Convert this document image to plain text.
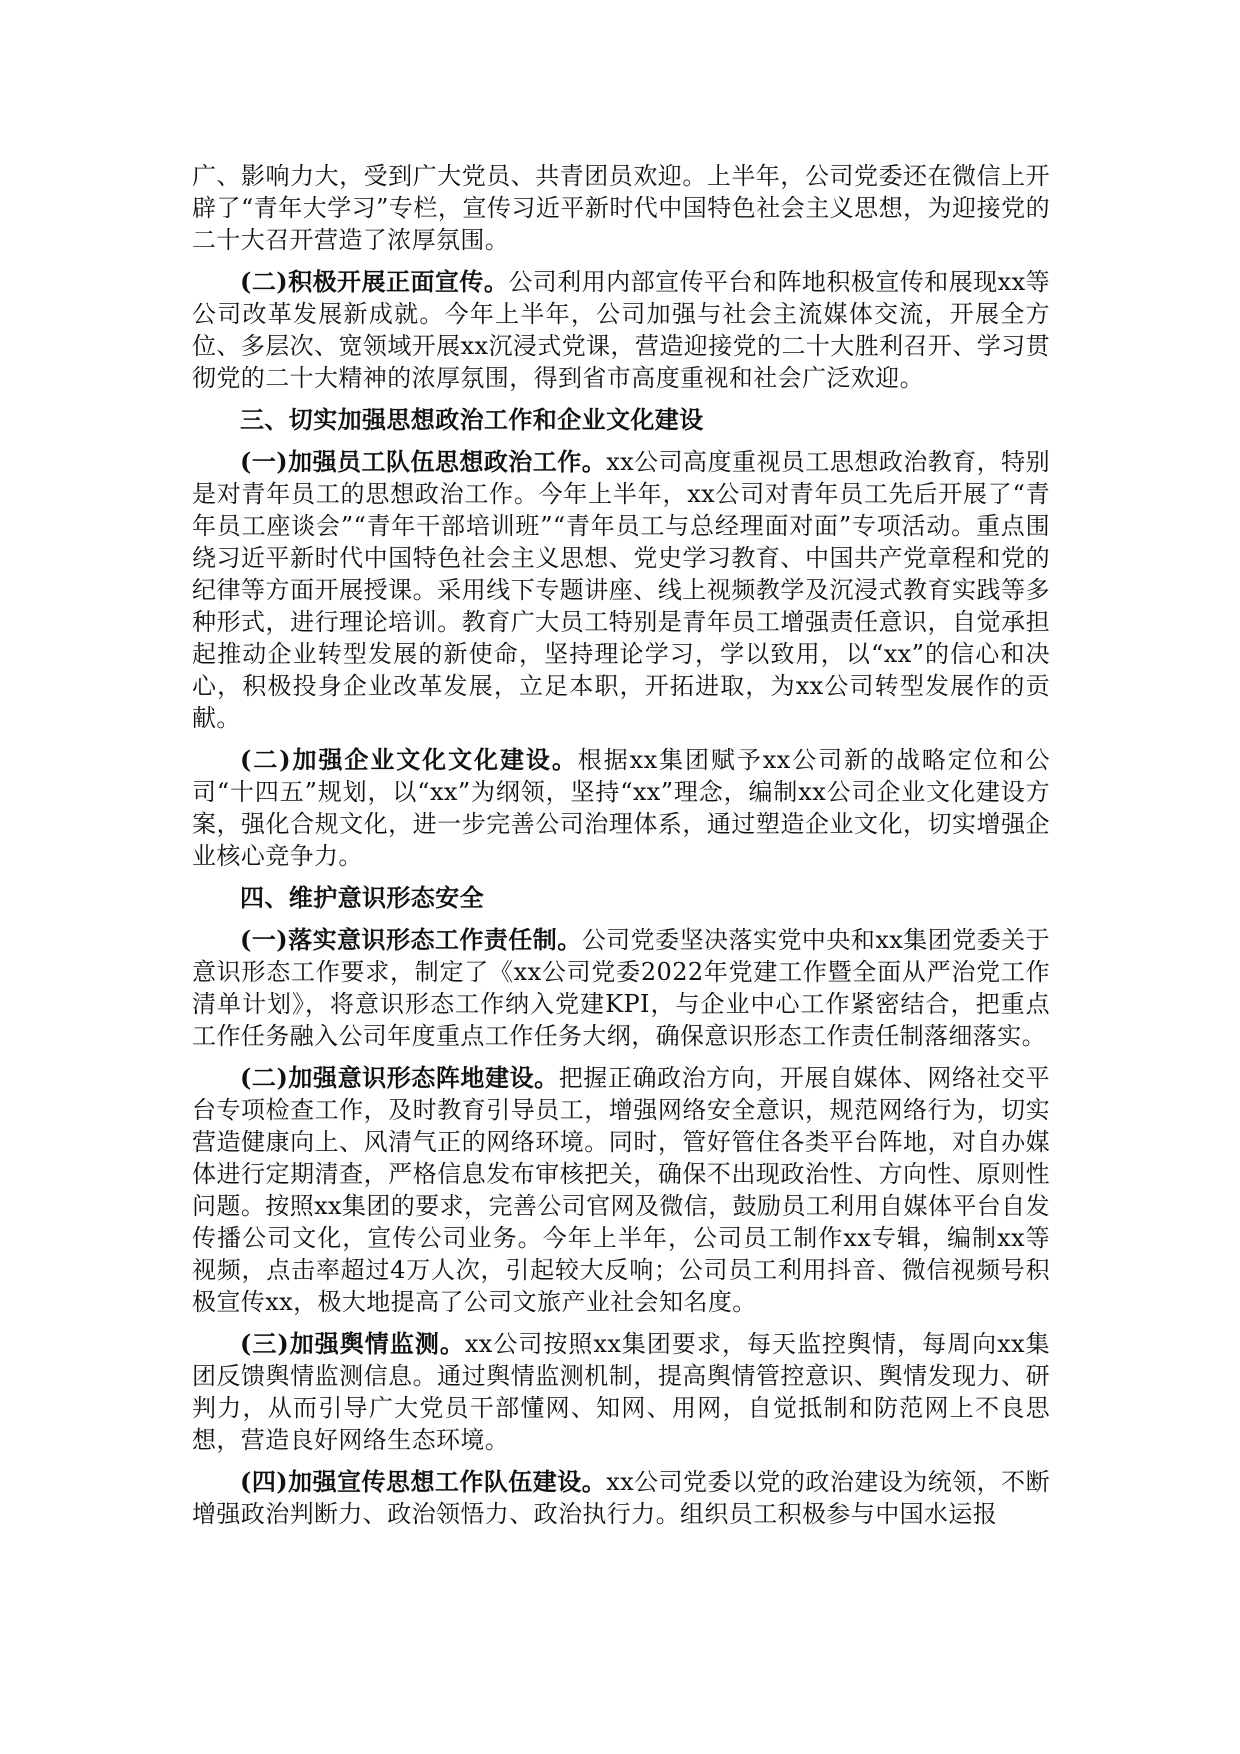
广、影响力大，受到广大党员、共青团员欢迎。上半年，公司党委还在微信上开辟了“青年大学习”专栏，宣传习近平新时代中国特色社会主义思想，为迎接党的二十大召开营造了浓厚氛围。

(二)积极开展正面宣传。公司利用内部宣传平台和阵地积极宣传和展现xx等公司改革发展新成就。今年上半年，公司加强与社会主流媒体交流，开展全方位、多层次、宽领域开展xx沉浸式党课，营造迎接党的二十大胜利召开、学习贯彻党的二十大精神的浓厚氛围，得到省市高度重视和社会广泛欢迎。

三、切实加强思想政治工作和企业文化建设

(一)加强员工队伍思想政治工作。xx公司高度重视员工思想政治教育，特别是对青年员工的思想政治工作。今年上半年，xx公司对青年员工先后开展了“青年员工座谈会”“青年干部培训班”“青年员工与总经理面对面”专项活动。重点围绕习近平新时代中国特色社会主义思想、党史学习教育、中国共产党章程和党的纪律等方面开展授课。采用线下专题讲座、线上视频教学及沉浸式教育实践等多种形式，进行理论培训。教育广大员工特别是青年员工增强责任意识，自觉承担起推动企业转型发展的新使命，坚持理论学习，学以致用，以“xx”的信心和决心，积极投身企业改革发展，立足本职，开拓进取，为xx公司转型发展作的贡献。

(二)加强企业文化文化建设。根据xx集团赋予xx公司新的战略定位和公司“十四五”规划，以“xx”为纲领，坚持“xx”理念，编制xx公司企业文化建设方案，强化合规文化，进一步完善公司治理体系，通过塑造企业文化，切实增强企业核心竞争力。

四、维护意识形态安全

(一)落实意识形态工作责任制。公司党委坚决落实党中央和xx集团党委关于意识形态工作要求，制定了《xx公司党委2022年党建工作暨全面从严治党工作清单计划》，将意识形态工作纳入党建KPI，与企业中心工作紧密结合，把重点工作任务融入公司年度重点工作任务大纲，确保意识形态工作责任制落细落实。

(二)加强意识形态阵地建设。把握正确政治方向，开展自媒体、网络社交平台专项检查工作，及时教育引导员工，增强网络安全意识，规范网络行为，切实营造健康向上、风清气正的网络环境。同时，管好管住各类平台阵地，对自办媒体进行定期清查，严格信息发布审核把关，确保不出现政治性、方向性、原则性问题。按照xx集团的要求，完善公司官网及微信，鼓励员工利用自媒体平台自发传播公司文化，宣传公司业务。今年上半年，公司员工制作xx专辑，编制xx等视频，点击率超过4万人次，引起较大反响；公司员工利用抖音、微信视频号积极宣传xx，极大地提高了公司文旅产业社会知名度。

(三)加强舆情监测。xx公司按照xx集团要求，每天监控舆情，每周向xx集团反馈舆情监测信息。通过舆情监测机制，提高舆情管控意识、舆情发现力、研判力，从而引导广大党员干部懂网、知网、用网，自觉抵制和防范网上不良思想，营造良好网络生态环境。

(四)加强宣传思想工作队伍建设。xx公司党委以党的政治建设为统领，不断增强政治判断力、政治领悟力、政治执行力。组织员工积极参与中国水运报
